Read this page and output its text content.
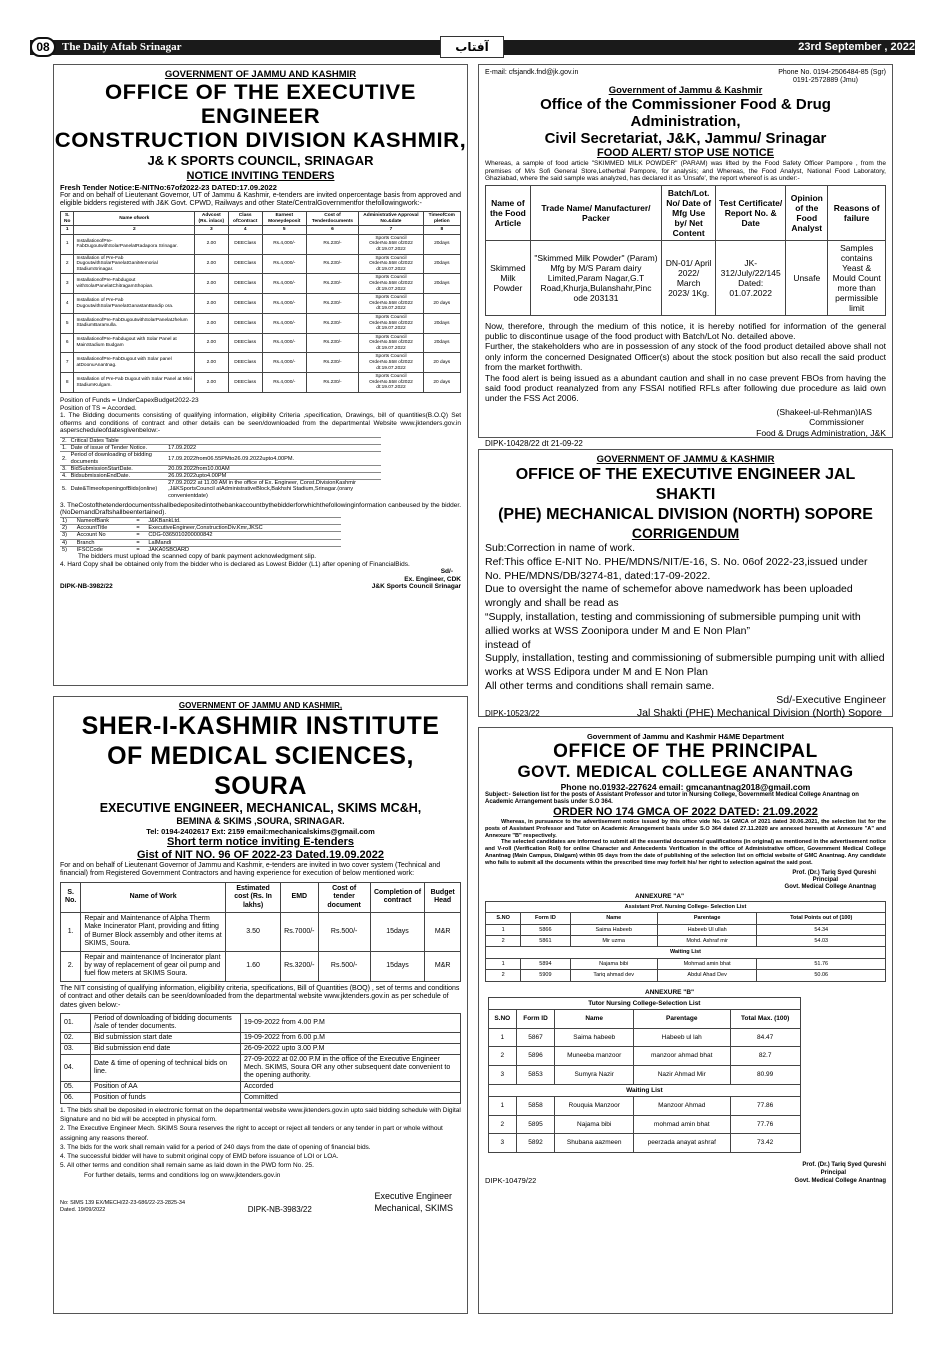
08	The Daily Aftab Srinagar	آفتاب	23rd September , 2022
GOVERNMENT OF JAMMU AND KASHMIR
OFFICE OF THE EXECUTIVE ENGINEER
CONSTRUCTION DIVISION KASHMIR,
J& K SPORTS COUNCIL, SRINAGAR
NOTICE INVITING TENDERS
Fresh Tender Notice:E-NITNo:67of2022-23 DATED:17.09.2022
For and on behalf of Lieutenant Governor, UT of Jammu & Kashmir, e-tenders are invited onpercentage basis from approved and eligible bidders registered with J&K Govt. CPWD, Railways and other State/CentralGovernmentfor thefollowingwork:-
S. No	Name ofwork	Advcost (Rs. inlacs)	Class ofContract	Earnest Moneydeposit	Cost of Tenderdocuments	Administrative Approval No.&date	TimeofCom pletion
1	2	3	4	5	6	7	8
1	InstallationofPre-FabDugoutwithSolarPanelatRadapora Srinagar.	2.00	DEEClass	Rs.4,000/-	Rs.230/-	Sports Council OrderNo.558 of2022 dt:19.07.2022	20days
2	Installation of Pre-Fab DugoutwithSolarPanelatGaniMemorial StadiumSrinagar.	2.00	DEEClass	Rs.4,000/-	Rs.230/-	Sports Council OrderNo.558 of2022 dt:19.07.2022	20days
3	InstallationofPre-Fabdugout withSolarPanelatChitragamShopian.	2.00	DEEClass	Rs.4,000/-	Rs.230/-	Sports Council OrderNo.558 of2022 dt:19.07.2022	20days
4	Installation of Pre-Fab DugoutwithSolarPanelatGanastanBandip ora.	2.00	DEEClass	Rs.4,000/-	Rs.230/-	Sports Council OrderNo.558 of2022 dt:19.07.2022	20 days
5	InstallationofPre-FabDugoutwithSolarPanelatJhelum StadiumBaramulla.	2.00	DEEClass	Rs.4,000/-	Rs.230/-	Sports Council OrderNo.558 of2022 dt:19.07.2022	20days
6	InstallationofPre-Fabdugout with Solar Panel at MainStadium Budgam	2.00	DEEClass	Rs.4,000/-	Rs.230/-	Sports Council OrderNo.558 of2022 dt:19.07.2022	20days
7	InstallationofPre-FabDugout with Solar panel atDoonuAnantnag.	2.00	DEEClass	Rs.4,000/-	Rs.230/-	Sports Council OrderNo.558 of2022 dt:19.07.2022	20 days
8	Installation of Pre-Fab Dugout with Solar Panel at Mini StadiumKulgam.	2.00	DEEClass	Rs.4,000/-	Rs.230/-	Sports Council OrderNo.558 of2022 dt:19.07.2022	20 days
Position of Funds = UnderCapexBudget2022-23
Position of TS = Accorded.
1. The Bidding documents consisting of qualifying information, eligibility Criteria ,specification, Drawings, bill of quantities(B.O.Q) Set ofterms and conditions of contract and other details can be seen/downloaded from the departmental Website www.jktenders.gov.in asperscheduleofdatesgivenbelow:-
2.	Critical Dates Table	
1.	Date of issue of Tender Notice.	17.09.2022
2.	Period of downloading of bidding documents	17.09.2022from06.55PMto26.09.2022upto4.00PM.
3.	BidSubmissionStartDate.	20.09.2022from10.00AM
4.	BidsubmissionEndDate.	26.09.2022upto4.00PM
5.	Date&TimeofopeningofBids(online)	27.09.2022 at 11.00 AM in the office of Ex. Engineer, Const.DivisionKashmir ,J&KSportsCouncil atAdministrativeBlock,Bakhshi Stadium,Srinagar.(orany convenientdate)
3. TheCostofthetenderdocumentsshallbedepositedintothebankaccountbythebidderforwhichthefollowinginformation canbeused by the bidder.(NoDemandDraftshallbeentertained).
1)	NameofBank	=	J&KBankLtd.
2)	AccountTitle	=	ExecutiveEngineer,ConstructionDiv.Kmr,JKSC
3)	Account No	=	CDG-0365010200000842
4)	Branch	=	LalMandi
5)	IFSCCode	=	JAKA0SBOARD
The bidders must upload the scanned copy of bank payment acknowledgment slip.
4. Hard Copy shall be obtained only from the bidder who is declared as Lowest Bidder (L1) after opening of FinancialBids.
Sd/-
Ex. Engineer, CDK
DIPK-NB-3982/22	J&K Sports Council Srinagar
E-mail: cfsjandk.fnd@jk.gov.in	Phone No. 0194-2506484-85 (Sgr)
0191-2572889 (Jmu)
Government of Jammu & Kashmir
Office of the Commissioner Food & Drug Administration,
Civil Secretariat, J&K, Jammu/ Srinagar
FOOD ALERT/ STOP USE NOTICE
Whereas, a sample of food article "SKIMMED MILK POWDER" (PARAM) was lifted by the Food Safety Officer Pampore , from the premises of M/s Sofi General Store,Letherbal Pampore, for analysis; and Whereas, the Food Analyst, National Food Laboratory, Ghaziabad, where the said sample was analyzed, has declared it as 'Unsafe', the report whereof is as under:-
Name of the Food Article	Trade Name/ Manufacturer/ Packer	Batch/Lot. No/ Date of Mfg Use by/ Net Content	Test Certificate/ Report No. & Date	Opinion of the Food Analyst	Reasons of failure
Skimmed Milk Powder	"Skimmed Milk Powder" (Param) Mfg by M/S Param dairy Limited,Param Nagar,G.T Road,Khurja,Bulanshahr,Pinc ode 203131	DN-01/ April 2022/ March 2023/ 1Kg.	JK-312/July/22/145 Dated: 01.07.2022	Unsafe	Samples contains Yeast & Mould Count more than permissible limit
Now, therefore, through the medium of this notice, it is hereby notified for information of the general public to discontinue usage of the food product with Batch/Lot No. detailed above.
Further, the stakeholders who are in possession of any stock of the food product detailed above shall not only inform the concerned Designated Officer(s) about the stock position but also recall the said product from the market forthwith.
The food alert is being issued as a abundant caution and shall in no case prevent FBOs from having the said food product reanalyzed from any FSSAI notified RFLs after following due procedure as laid own under the FSS Act 2006.
(Shakeel-ul-Rehman)IAS
Commissioner
Food & Drugs Administration, J&K
DIPK-10428/22 dt 21-09-22
GOVERNMENT OF JAMMU & KASHMIR
OFFICE OF THE EXECUTIVE ENGINEER JAL SHAKTI
(PHE) MECHANICAL DIVISION (NORTH) SOPORE
CORRIGENDUM
Sub:Correction in name of work.
Ref:This office E-NIT No. PHE/MDNS/NIT/E-16, S. No. 06of 2022-23,issued under No. PHE/MDNS/DB/3274-81, dated:17-09-2022.
Due to oversight the name of schemefor above namedwork has been uploaded wrongly and shall be read as
“Supply, installation, testing and commissioning of submersible pumping unit with allied works at WSS Zoonipora under M and E Non Plan”
instead of
Supply, installation, testing and commissioning of submersible pumping unit with allied works at WSS Edipora under M and E Non Plan
All other terms and conditions shall remain same.
Sd/-Executive Engineer
DIPK-10523/22	Jal Shakti (PHE) Mechanical Division (North) Sopore
GOVERNMENT OF JAMMU AND KASHMIR,
SHER-I-KASHMIR INSTITUTE
OF MEDICAL SCIENCES, SOURA
EXECUTIVE ENGINEER, MECHANICAL, SKIMS MC&H,
BEMINA & SKIMS ,SOURA, SRINAGAR.
Tel: 0194-2402617 Ext: 2159 email:mechanicalskims@gmail.com
Short term notice inviting E-tenders
Gist of NIT NO. 96 OF 2022-23 Dated.19.09.2022
For and on behalf of Lieutenant Governor of Jammu and Kashmir, e-tenders are invited in two cover system (Technical and financial) from Registered Government Contractors and having experience for execution of below mentioned work:
S. No.	Name of Work	Estimated cost (Rs. In lakhs)	EMD	Cost of tender document	Completion of contract	Budget Head
1.	Repair and Maintenance of Alpha Therm Make Incinerator Plant, providing and fitting of Burner Block assembly and other items at SKIMS, Soura.	3.50	Rs.7000/-	Rs.500/-	15days	M&R
2.	Repair and maintenance of Incinerator plant by way of replacement of gear oil pump and fuel flow meters at SKIMS Soura.	1.60	Rs.3200/-	Rs.500/-	15days	M&R
The NIT consisting of qualifying information, eligibility criteria, specifications, Bill of Quantities (BOQ) , set of terms and conditions of contract and other details can be seen/downloaded from the departmental website www.jktenders.gov.in as per schedule of dates given below:-
01.	Period of downloading of bidding documents /sale of tender documents.	19-09-2022 from 4.00 P.M
02.	Bid submission start date	19-09-2022 from 6.00 p.M
03.	Bid submission end date	26-09-2022 upto 3.00 P.M
04.	Date & time of opening of technical bids on line.	27-09-2022 at 02.00 P.M in the office of the Executive Engineer Mech. SKIMS, Soura OR any other subsequent date convenient to the opening authority.
05.	Position of AA	Accorded
06.	Position of funds	Committed
1. The bids shall be deposited in electronic format on the departmental website www.jktenders.gov.in upto said bidding schedule with Digital Signature and no bid will be accepted in physical form.
2. The Executive Engineer Mech. SKIMS Soura reserves the right to accept or reject all tenders or any tender in part or whole without assigning any reasons thereof.
3. The bids for the work shall remain valid for a period of 240 days from the date of opening of financial bids.
4. The successful bidder will have to submit original copy of EMD before issuance of LOI or LOA.
5. All other terms and condition shall remain same as laid down in the PWD form No. 25.
For further details, terms and conditions log on www.jktenders.gov.in
No: SIMS 139 EX/MECH/22-23-686/22-23-2825-34
Dated. 19/09/2022	DIPK-NB-3983/22
Executive Engineer
Mechanical, SKIMS
Government of Jammu and Kashmir H&ME Department
OFFICE OF THE PRINCIPAL
GOVT. MEDICAL COLLEGE ANANTNAG
Phone no.01932-227624 email: gmcanantnag2018@gmail.com
Subject:- Selection list for the posts of Assistant Professor and tutor in Nursing College, Government Medical College Anantnag on Academic Arrangement basis under S.O 364.
ORDER NO 174 GMCA OF 2022 DATED: 21.09.2022
Whereas, in pursuance to the advertisement notice issued by this office vide No. 14 GMCA of 2021 dated 30.06.2021, the selection list for the posts of Assistant Professor and Tutor on Academic Arrangement basis under S.O 364 dated 27.11.2020 are annexed herewith at Annexure "A" and Annexure "B" respectively.
The selected candidates are informed to submit all the essential documents/ qualifications (in original) as mentioned in the advertisement notice and V-roll (Verification Roll) for online Character and Antecedents Verification in the office of Administrative officer, Government Medical College Anantnag (Main Campus, Dialgam) within 05 days from the date of publishing of the selection list on official website of GMC Anantnag. Any candidate who fails to submit all the documents within the prescribed time may forfeit his/ her right to selection against the said post.
Prof. (Dr.) Tariq Syed Qureshi
Principal
Govt. Medical College Anantnag
ANNEXURE "A"
Assistant Prof. Nursing College- Selection List				
S.NO	Form ID	Name	Parentage	Total Points out of (100)
1	5866	Saima Habeeb	Habeeb Ul ullah	54.34
2	5861	Mir uzma	Mohd. Ashraf mir	54.03
Waiting List				
1	5894	Najama bibi	Mohmad amin bhat	51.76
2	5909	Tariq ahmad dev	Abdul Ahad Dev	50.06
ANNEXURE "B"
Tutor Nursing College-Selection List				
S.NO	Form ID	Name	Parentage	Total Max. (100)
1	5867	Saima habeeb	Habeeb ul lah	84.47
2	5896	Muneeba manzoor	manzoor ahmad bhat	82.7
3	5853	Sumyra Nazir	Nazir Ahmad Mir	80.99
Waiting List				
1	5858	Rouquia Manzoor	Manzoor Ahmad	77.86
2	5895	Najama bibi	mohmad amin bhat	77.76
3	5892	Shubana aazmeen	peerzada anayat ashraf	73.42
DIPK-10479/22
Prof. (Dr.) Tariq Syed Qureshi
Principal
Govt. Medical College Anantnag
